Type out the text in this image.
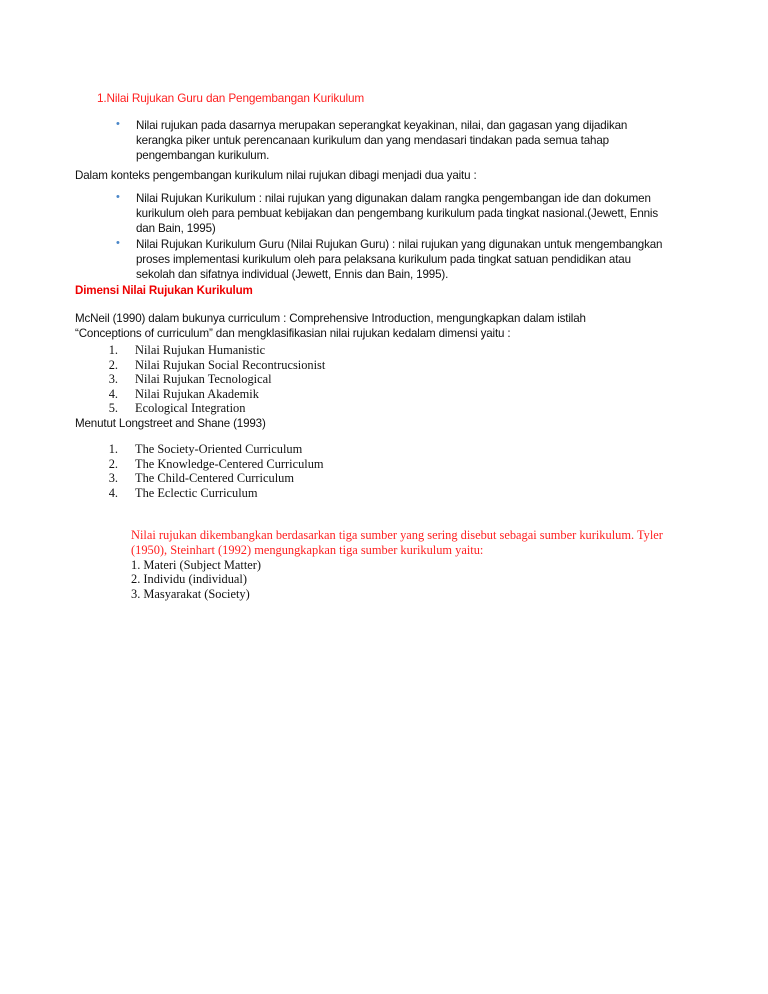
1.Nilai Rujukan Guru dan Pengembangan Kurikulum
• Nilai rujukan pada dasarnya merupakan seperangkat keyakinan, nilai, dan gagasan yang dijadikan
kerangka piker untuk perencanaan kurikulum dan yang mendasari tindakan pada semua tahap
pengembangan kurikulum.
Dalam konteks pengembangan kurikulum nilai rujukan dibagi menjadi dua yaitu :
• Nilai Rujukan Kurikulum : nilai rujukan yang digunakan dalam rangka pengembangan ide dan dokumen
kurikulum oleh para pembuat kebijakan dan pengembang kurikulum pada tingkat nasional.(Jewett, Ennis
dan Bain, 1995)
• Nilai Rujukan Kurikulum Guru (Nilai Rujukan Guru) : nilai rujukan yang digunakan untuk mengembangkan
proses implementasi kurikulum oleh para pelaksana kurikulum pada tingkat satuan pendidikan atau
sekolah dan sifatnya individual (Jewett, Ennis dan Bain, 1995).
Dimensi Nilai Rujukan Kurikulum
McNeil (1990) dalam bukunya curriculum : Comprehensive Introduction, mengungkapkan dalam istilah
“Conceptions of curriculum” dan mengklasifikasian nilai rujukan kedalam dimensi yaitu :
1. Nilai Rujukan Humanistic
2. Nilai Rujukan Social Recontrucsionist
3. Nilai Rujukan Tecnological
4. Nilai Rujukan Akademik
5. Ecological Integration
Menutut Longstreet and Shane (1993)
1. The Society-Oriented Curriculum
2. The Knowledge-Centered Curriculum
3. The Child-Centered Curriculum
4. The Eclectic Curriculum
Nilai rujukan dikembangkan berdasarkan tiga sumber yang sering disebut sebagai sumber kurikulum. Tyler
(1950), Steinhart (1992) mengungkapkan tiga sumber kurikulum yaitu:
1. Materi (Subject Matter)
2. Individu (individual)
3. Masyarakat (Society)
